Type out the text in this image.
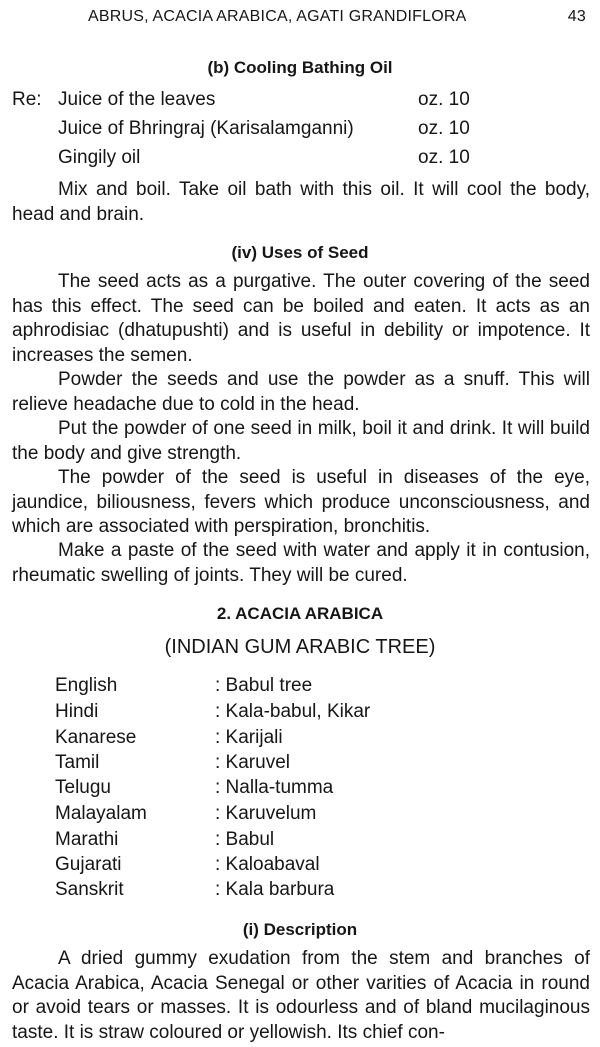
ABRUS, ACACIA ARABICA, AGATI GRANDIFLORA	43
(b) Cooling Bathing Oil
Re: Juice of the leaves	oz. 10
Juice of Bhringraj (Karisalamganni)	oz. 10
Gingily oil	oz. 10

Mix and boil. Take oil bath with this oil. It will cool the body, head and brain.

(iv) Uses of Seed

The seed acts as a purgative. The outer covering of the seed has this effect. The seed can be boiled and eaten. It acts as an aphrodisiac (dhatupushti) and is useful in debility or impotence. It increases the semen.

Powder the seeds and use the powder as a snuff. This will relieve headache due to cold in the head.

Put the powder of one seed in milk, boil it and drink. It will build the body and give strength.

The powder of the seed is useful in diseases of the eye, jaundice, biliousness, fevers which produce unconsciousness, and which are associated with perspiration, bronchitis.

Make a paste of the seed with water and apply it in contusion, rheumatic swelling of joints. They will be cured.

2. ACACIA ARABICA
(INDIAN GUM ARABIC TREE)
English	: Babul tree
Hindi	: Kala-babul, Kikar
Kanarese	: Karijali
Tamil	: Karuvel
Telugu	: Nalla-tumma
Malayalam	: Karuvelum
Marathi	: Babul
Gujarati	: Kaloabaval
Sanskrit	: Kala barbura
(i) Description

A dried gummy exudation from the stem and branches of Acacia Arabica, Acacia Senegal or other varities of Acacia in round or avoid tears or masses. It is odourless and of bland mucilaginous taste. It is straw coloured or yellowish. Its chief con-
